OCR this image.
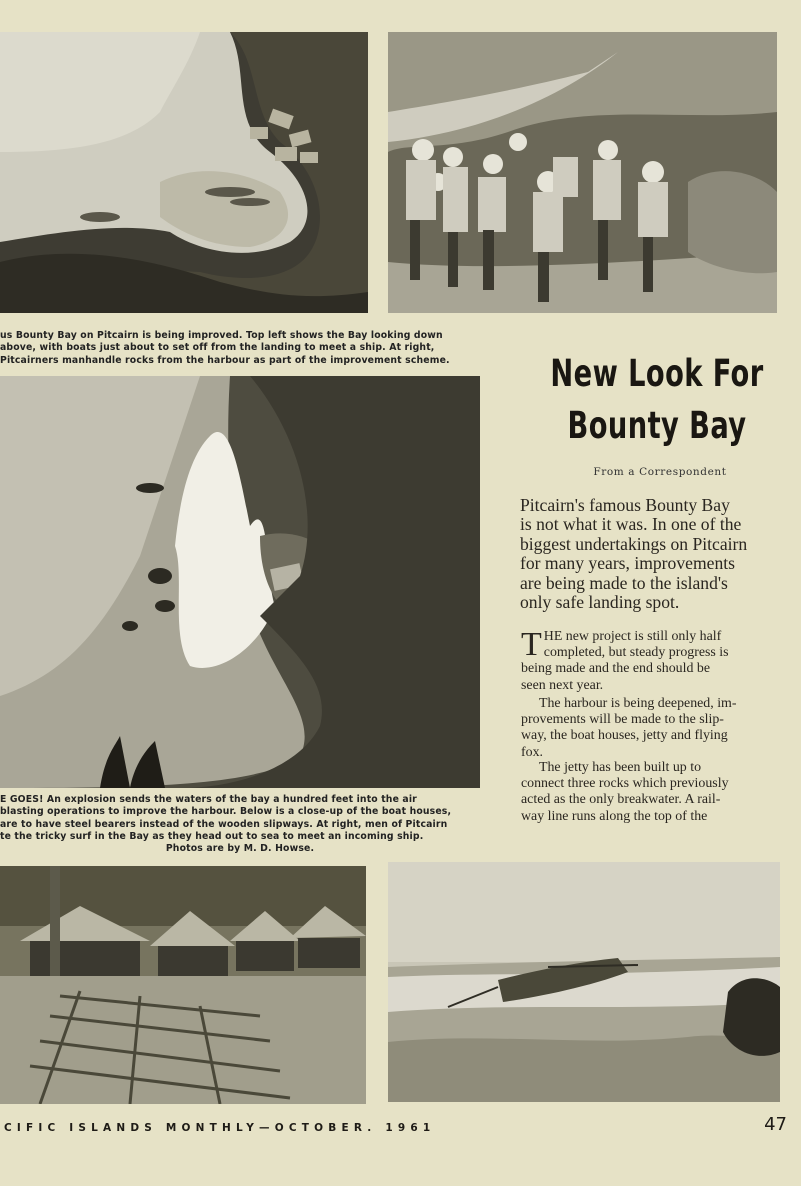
us Bounty Bay on Pitcairn is being improved. Top left shows the Bay looking down
above, with boats just about to set off from the landing to meet a ship. At right,
Pitcairners manhandle rocks from the harbour as part of the improvement scheme.
E GOES! An explosion sends the waters of the bay a hundred feet into the air
blasting operations to improve the harbour. Below is a close-up of the boat houses,
are to have steel bearers instead of the wooden slipways. At right, men of Pitcairn
te the tricky surf in the Bay as they head out to sea to meet an incoming ship.
Photos are by M. D. Howse.
New Look For
Bounty Bay
From a Correspondent
Pitcairn's famous Bounty Bay
is not what it was. In one of the
biggest undertakings on Pitcairn
for many years, improvements
are being made to the island's
only safe landing spot.
T HE new project is still only half
completed, but steady progress is
being made and the end should be
seen next year.
The harbour is being deepened, im-
provements will be made to the slip-
way, the boat houses, jetty and flying
fox.
The jetty has been built up to
connect three rocks which previously
acted as the only breakwater. A rail-
way line runs along the top of the
CIFIC ISLANDS MONTHLY—OCTOBER. 1961	47
